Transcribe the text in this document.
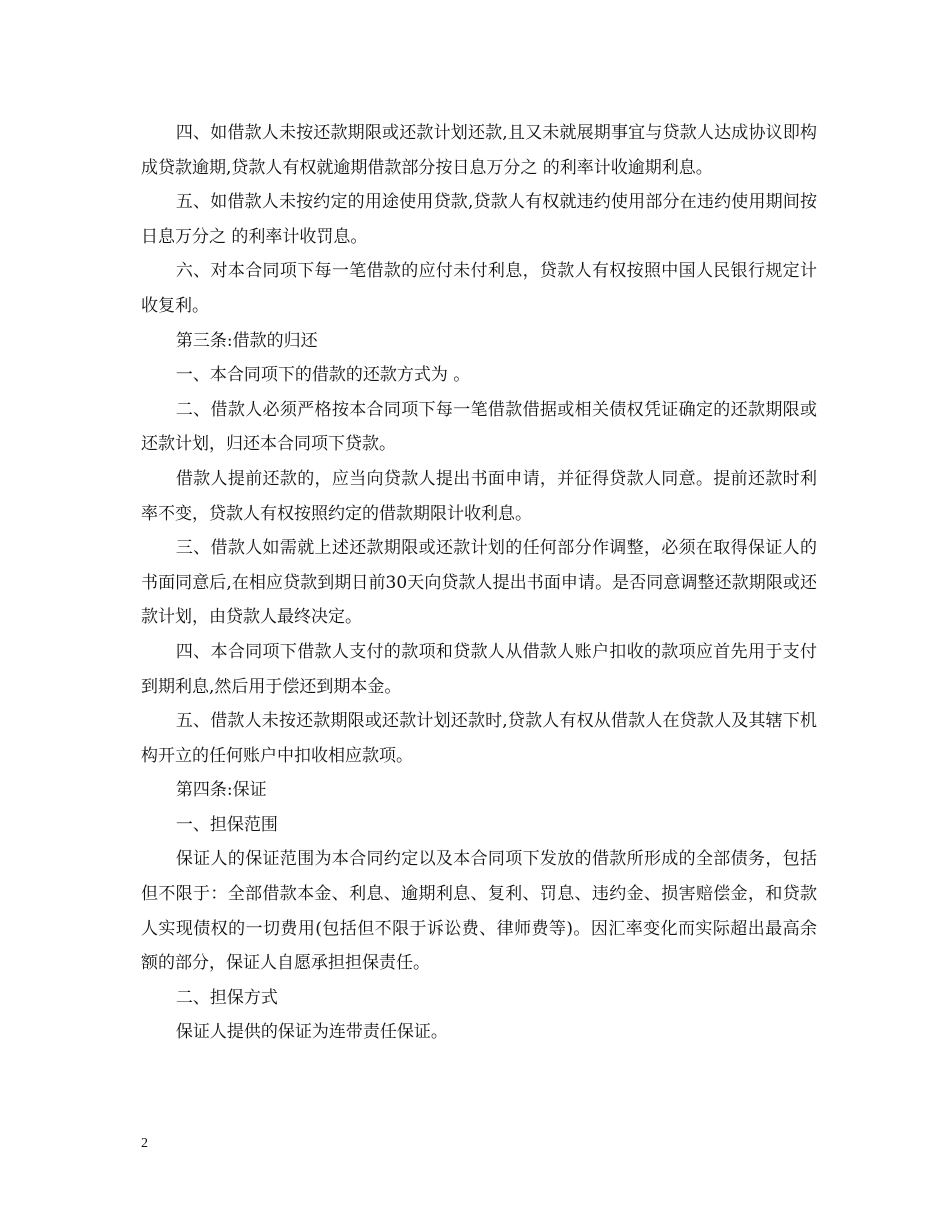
四、如借款人未按还款期限或还款计划还款,且又未就展期事宜与贷款人达成协议即构成贷款逾期,贷款人有权就逾期借款部分按日息万分之 的利率计收逾期利息。

五、如借款人未按约定的用途使用贷款,贷款人有权就违约使用部分在违约使用期间按日息万分之 的利率计收罚息。

六、对本合同项下每一笔借款的应付未付利息，贷款人有权按照中国人民银行规定计收复利。

第三条:借款的归还

一、本合同项下的借款的还款方式为 。

二、借款人必须严格按本合同项下每一笔借款借据或相关债权凭证确定的还款期限或还款计划，归还本合同项下贷款。

借款人提前还款的，应当向贷款人提出书面申请，并征得贷款人同意。提前还款时利率不变，贷款人有权按照约定的借款期限计收利息。

三、借款人如需就上述还款期限或还款计划的任何部分作调整，必须在取得保证人的书面同意后,在相应贷款到期日前30天向贷款人提出书面申请。是否同意调整还款期限或还款计划，由贷款人最终决定。

四、本合同项下借款人支付的款项和贷款人从借款人账户扣收的款项应首先用于支付到期利息,然后用于偿还到期本金。

五、借款人未按还款期限或还款计划还款时,贷款人有权从借款人在贷款人及其辖下机构开立的任何账户中扣收相应款项。

第四条:保证

一、担保范围

保证人的保证范围为本合同约定以及本合同项下发放的借款所形成的全部债务，包括但不限于：全部借款本金、利息、逾期利息、复利、罚息、违约金、损害赔偿金，和贷款人实现债权的一切费用(包括但不限于诉讼费、律师费等)。因汇率变化而实际超出最高余额的部分，保证人自愿承担担保责任。

二、担保方式

保证人提供的保证为连带责任保证。

2
